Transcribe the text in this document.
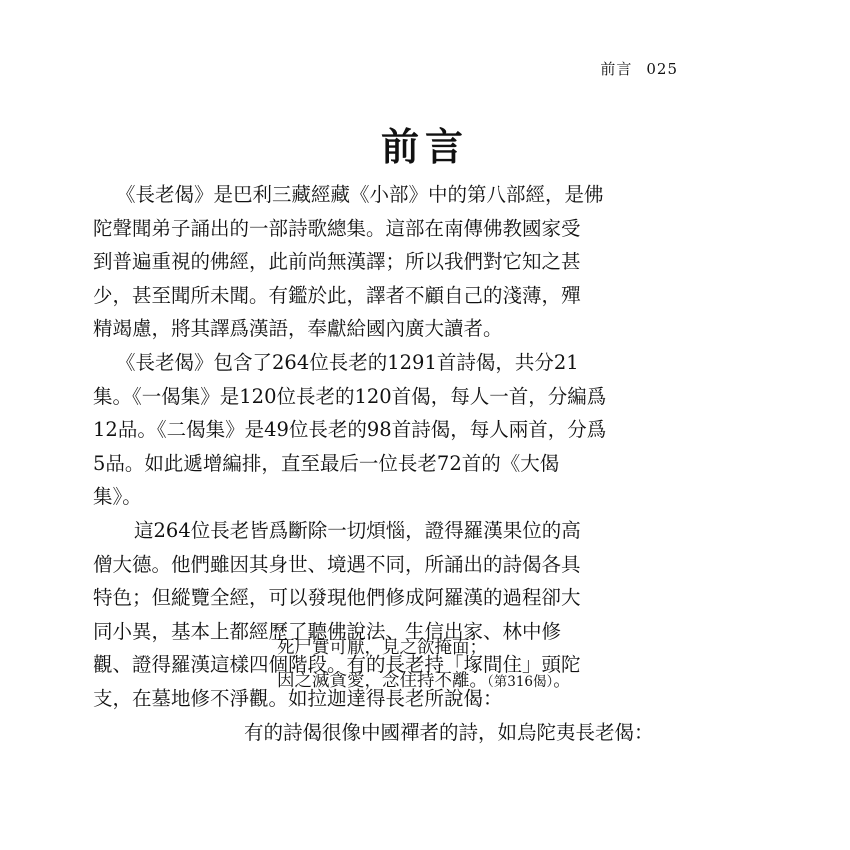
前言 025
前言
《長老偈》是巴利三藏經藏《小部》中的第八部經，是佛
陀聲聞弟子誦出的一部詩歌總集。這部在南傳佛教國家受
到普遍重視的佛經，此前尚無漢譯；所以我們對它知之甚
少，甚至聞所未聞。有鑑於此，譯者不顧自己的淺薄，殫
精竭慮，將其譯爲漢語，奉獻給國內廣大讀者。
《長老偈》包含了264位長老的1291首詩偈，共分21
集。《一偈集》是120位長老的120首偈，每人一首，分編爲
12品。《二偈集》是49位長老的98首詩偈，每人兩首，分爲
5品。如此遞增編排，直至最后一位長老72首的《大偈
集》。
這264位長老皆爲斷除一切煩惱，證得羅漢果位的高
僧大德。他們雖因其身世、境遇不同，所誦出的詩偈各具
特色；但縱覽全經，可以發現他們修成阿羅漢的過程卻大
同小異，基本上都經歷了聽佛說法、生信出家、林中修
觀、證得羅漢這樣四個階段。有的長老持「塚間住」頭陀
支，在墓地修不淨觀。如拉迦達得長老所說偈：
死尸實可厭，見之欲掩面；
因之滅貪愛，念住持不離。（第316偈）。
有的詩偈很像中國禪者的詩，如烏陀夷長老偈：
